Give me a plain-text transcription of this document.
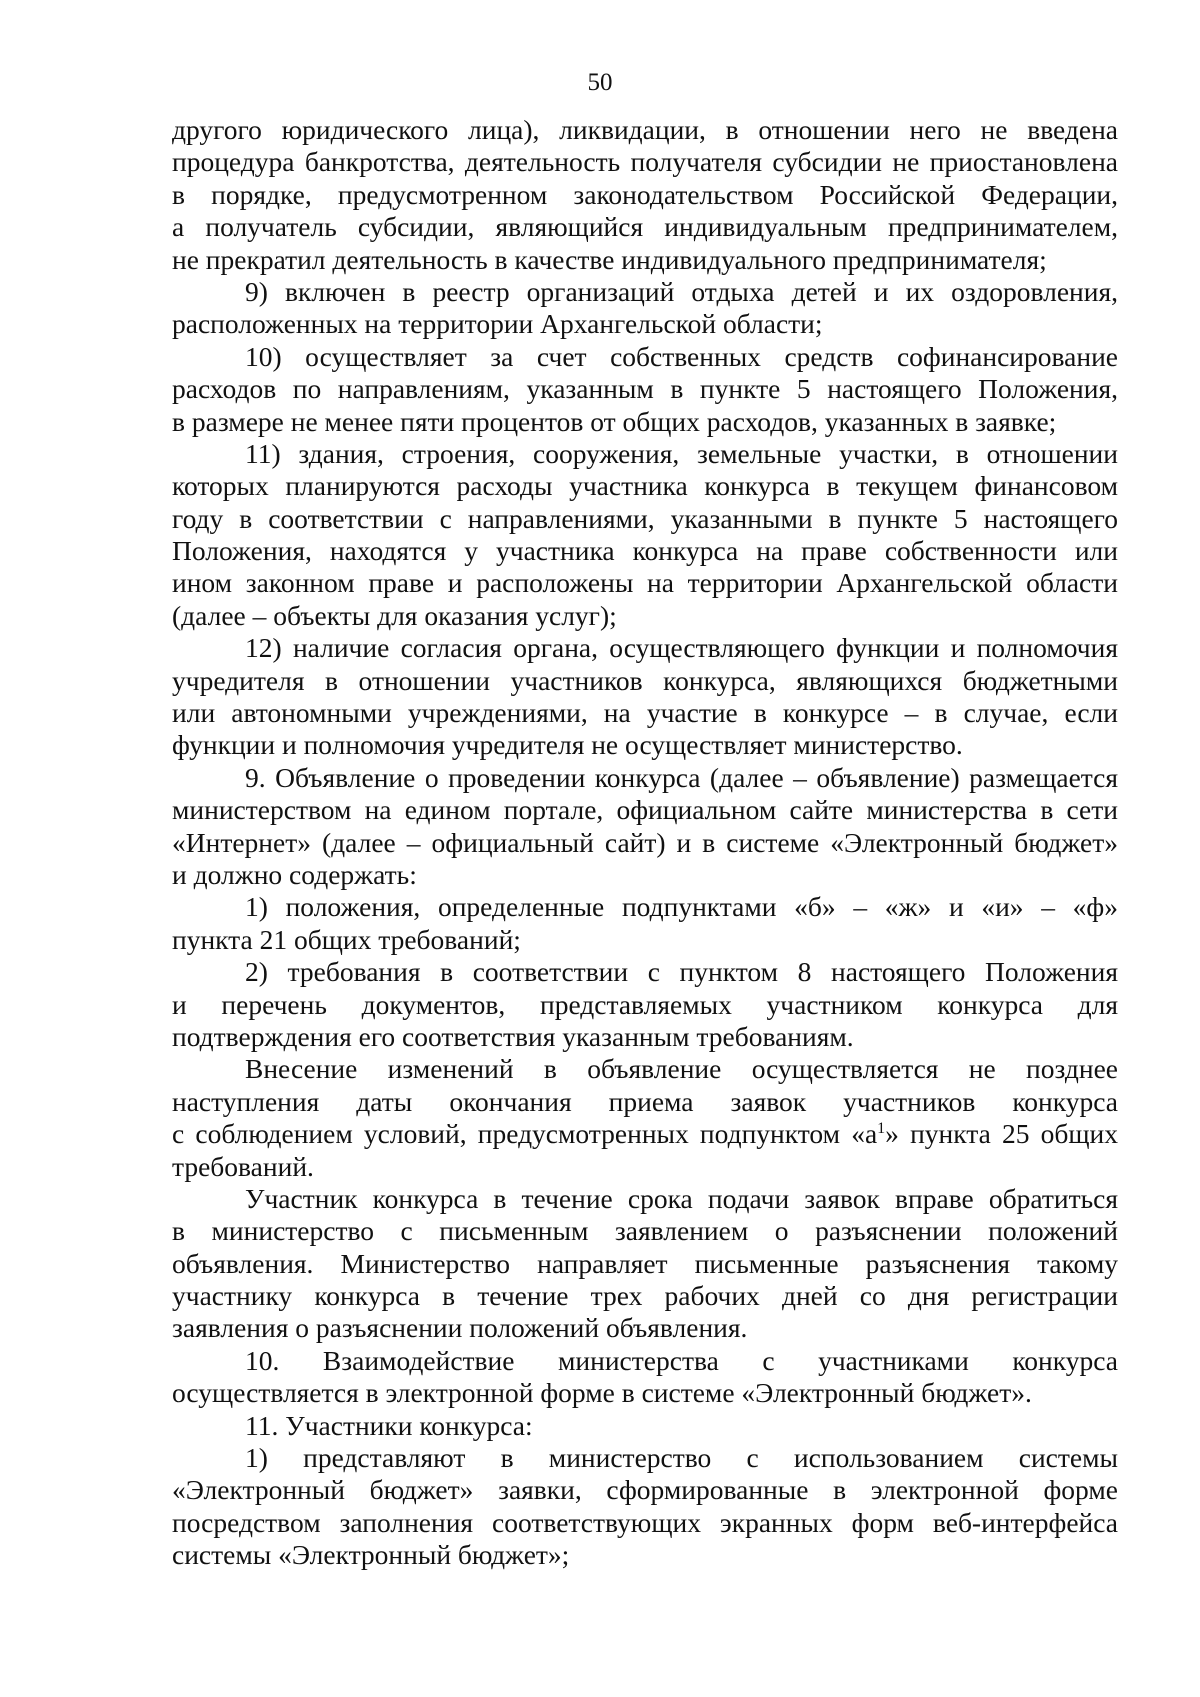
50
другого юридического лица), ликвидации, в отношении него не введена
процедура банкротства, деятельность получателя субсидии не приостановлена
в порядке, предусмотренном законодательством Российской Федерации,
а получатель субсидии, являющийся индивидуальным предпринимателем,
не прекратил деятельность в качестве индивидуального предпринимателя;
9) включен в реестр организаций отдыха детей и их оздоровления,
расположенных на территории Архангельской области;
10) осуществляет за счет собственных средств софинансирование
расходов по направлениям, указанным в пункте 5 настоящего Положения,
в размере не менее пяти процентов от общих расходов, указанных в заявке;
11) здания, строения, сооружения, земельные участки, в отношении
которых планируются расходы участника конкурса в текущем финансовом
году в соответствии с направлениями, указанными в пункте 5 настоящего
Положения, находятся у участника конкурса на праве собственности или
ином законном праве и расположены на территории Архангельской области
(далее – объекты для оказания услуг);
12) наличие согласия органа, осуществляющего функции и полномочия
учредителя в отношении участников конкурса, являющихся бюджетными
или автономными учреждениями, на участие в конкурсе – в случае, если
функции и полномочия учредителя не осуществляет министерство.
9. Объявление о проведении конкурса (далее – объявление) размещается
министерством на едином портале, официальном сайте министерства в сети
«Интернет» (далее – официальный сайт) и в системе «Электронный бюджет»
и должно содержать:
1) положения, определенные подпунктами «б» – «ж» и «и» – «ф»
пункта 21 общих требований;
2) требования в соответствии с пунктом 8 настоящего Положения
и перечень документов, представляемых участником конкурса для
подтверждения его соответствия указанным требованиям.
Внесение изменений в объявление осуществляется не позднее
наступления даты окончания приема заявок участников конкурса
с соблюдением условий, предусмотренных подпунктом «$а^1$» пункта 25 общих
требований.
Участник конкурса в течение срока подачи заявок вправе обратиться
в министерство с письменным заявлением о разъяснении положений
объявления. Министерство направляет письменные разъяснения такому
участнику конкурса в течение трех рабочих дней со дня регистрации
заявления о разъяснении положений объявления.
10. Взаимодействие министерства с участниками конкурса
осуществляется в электронной форме в системе «Электронный бюджет».
11. Участники конкурса:
1) представляют в министерство с использованием системы
«Электронный бюджет» заявки, сформированные в электронной форме
посредством заполнения соответствующих экранных форм веб-интерфейса
системы «Электронный бюджет»;
